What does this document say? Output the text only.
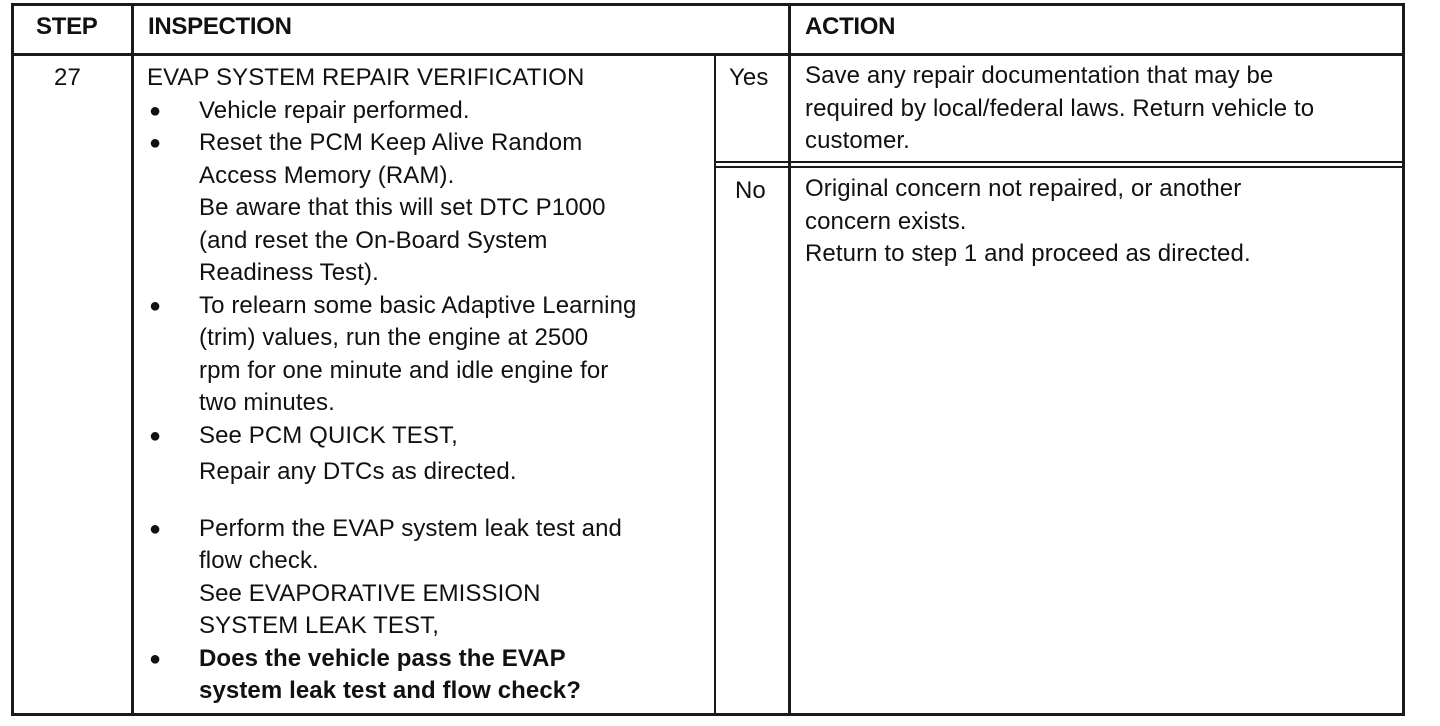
STEP INSPECTION	ACTION
27	EVAP SYSTEM REPAIR VERIFICATION
● Vehicle repair performed.
● Reset the PCM Keep Alive Random
Access Memory (RAM).
Be aware that this will set DTC P1000
(and reset the On-Board System
Readiness Test).
● To relearn some basic Adaptive Learning
(trim) values, run the engine at 2500
rpm for one minute and idle engine for
two minutes.
● See PCM QUICK TEST,
Repair any DTCs as directed.
● Perform the EVAP system leak test and
flow check.
See EVAPORATIVE EMISSION
SYSTEM LEAK TEST,
● Does the vehicle pass the EVAP
system leak test and flow check?
Yes
No
Save any repair documentation that may be
required by local/federal laws. Return vehicle to
customer.
Original concern not repaired, or another
concern exists.
Return to step 1 and proceed as directed.
